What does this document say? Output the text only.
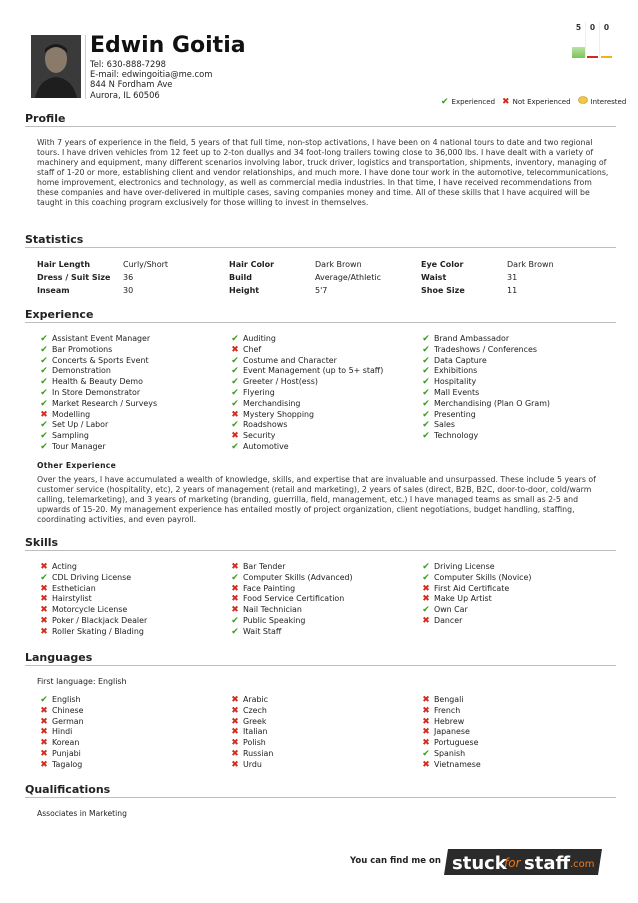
Edwin Goitia
Tel: 630-888-7298
E-mail: edwingoitia@me.com
844 N Fordham Ave
Aurora, IL 60506
5	0	0
✔ Experienced ✖ Not Experienced	Interested
Profile
With 7 years of experience in the field, 5 years of that full time, non-stop activations, I have been on 4 national tours to date and two regional tours. I have driven vehicles from 12 feet up to 2-ton duallys and 34 foot-long trailers towing close to 36,000 lbs. I have dealt with a variety of machinery and equipment, many different scenarios involving labor, truck driver, logistics and transportation, shipments, inventory, managing of staff of 1-20 or more, establishing client and vendor relationships, and much more. I have done tour work in the automotive, telecommunications, home improvement, electronics and technology, as well as commercial media industries. In that time, I have received recommendations from these companies and have over-delivered in multiple cases, saving companies money and time. All of these skills that I have acquired will be taught in this coaching program exclusively for those willing to invest in themselves.
Statistics
Hair Length	Curly/Short	Hair Color	Dark Brown	Eye Color	Dark Brown
Dress / Suit Size	36	Build	Average/Athletic	Waist	31
Inseam	30	Height	5'7	Shoe Size	11
Experience
✔ Assistant Event Manager
✔ Bar Promotions
✔ Concerts & Sports Event
✔ Demonstration
✔ Health & Beauty Demo
✔ In Store Demonstrator
✔ Market Research / Surveys
✖ Modelling
✔ Set Up / Labor
✔ Sampling
✔ Tour Manager
✔ Auditing
✖ Chef
✔ Costume and Character
✔ Event Management (up to 5+ staff)
✔ Greeter / Host(ess)
✔ Flyering
✔ Merchandising
✖ Mystery Shopping
✔ Roadshows
✖ Security
✔ Automotive
✔ Brand Ambassador
✔ Tradeshows / Conferences
✔ Data Capture
✔ Exhibitions
✔ Hospitality
✔ Mall Events
✔ Merchandising (Plan O Gram)
✔ Presenting
✔ Sales
✔ Technology
Other Experience
Over the years, I have accumulated a wealth of knowledge, skills, and expertise that are invaluable and unsurpassed. These include 5 years of customer service (hospitality, etc), 2 years of management (retail and marketing), 2 years of sales (direct, B2B, B2C, door-to-door, cold/warm calling, telemarketing), and 3 years of marketing (branding, guerrilla, field, management, etc.) I have managed teams as small as 2-5 and upwards of 15-20. My management experience has entailed mostly of project organization, client negotiations, budget handling, staffing, coordinating activities, and even payroll.
Skills
✖ Acting
✔ CDL Driving License
✖ Esthetician
✖ Hairstylist
✖ Motorcycle License
✖ Poker / Blackjack Dealer
✖ Roller Skating / Blading
✖ Bar Tender
✔ Computer Skills (Advanced)
✖ Face Painting
✖ Food Service Certification
✖ Nail Technician
✔ Public Speaking
✔ Wait Staff
✔ Driving License
✔ Computer Skills (Novice)
✖ First Aid Certificate
✖ Make Up Artist
✔ Own Car
✖ Dancer
Languages
First language: English
✔ English
✖ Chinese
✖ German
✖ Hindi
✖ Korean
✖ Punjabi
✖ Tagalog
✖ Arabic
✖ Czech
✖ Greek
✖ Italian
✖ Polish
✖ Russian
✖ Urdu
✖ Bengali
✖ French
✖ Hebrew
✖ Japanese
✖ Portuguese
✔ Spanish
✖ Vietnamese
Qualifications
Associates in Marketing
You can find me on stuck
for staff .com
